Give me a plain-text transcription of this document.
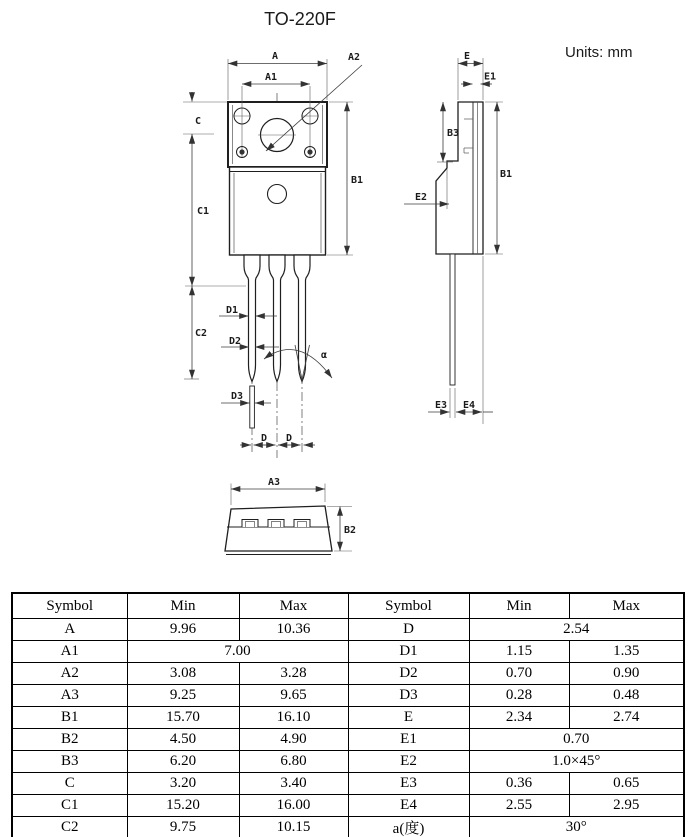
TO-220F
Units: mm
A
A1
A2
C
C1
C2
B1
D1
D2
D3
α
D D
E
E1
B3
B1
E2
E3 E4
A3
B2
Symbol	Min	Max	Symbol	Min	Max
A	9.96	10.36	D	2.54	
A1	7.00		D1	1.15	1.35
A2	3.08	3.28	D2	0.70	0.90
A3	9.25	9.65	D3	0.28	0.48
B1	15.70	16.10	E	2.34	2.74
B2	4.50	4.90	E1	0.70	
B3	6.20	6.80	E2	1.0×45°	
C	3.20	3.40	E3	0.36	0.65
C1	15.20	16.00	E4	2.55	2.95
C2	9.75	10.15	a(度)	30°	
